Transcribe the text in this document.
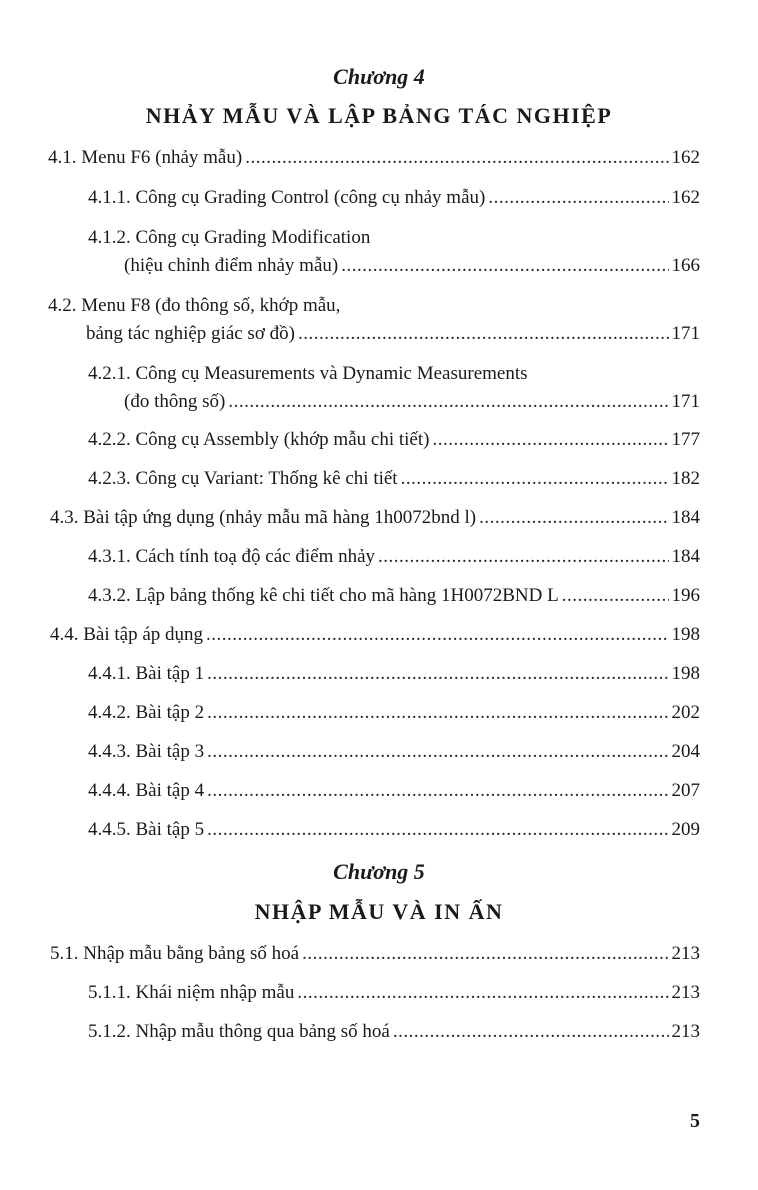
Chương 4
NHẢY MẪU VÀ LẬP BẢNG TÁC NGHIỆP
4.1. Menu F6 (nhảy mẫu) .....	162
4.1.1. Công cụ Grading Control (công cụ nhảy mẫu) .....	162
4.1.2. Công cụ Grading Modification
(hiệu chỉnh điểm nhảy mẫu) .....	166
4.2. Menu F8 (đo thông số, khớp mẫu,
bảng tác nghiệp giác sơ đồ) .....	171
4.2.1. Công cụ Measurements và Dynamic Measurements
(đo thông số) .....	171
4.2.2. Công cụ Assembly (khớp mẫu chi tiết) .....	177
4.2.3. Công cụ Variant: Thống kê chi tiết .....	182
4.3. Bài tập ứng dụng (nhảy mẫu mã hàng 1h0072bnd l) .....	184
4.3.1. Cách tính toạ độ các điểm nhảy .....	184
4.3.2. Lập bảng thống kê chi tiết cho mã hàng 1H0072BND L .....	196
4.4. Bài tập áp dụng .....	198
4.4.1. Bài tập 1 .....	198
4.4.2. Bài tập 2 .....	202
4.4.3. Bài tập 3 .....	204
4.4.4. Bài tập 4 .....	207
4.4.5. Bài tập 5 .....	209
Chương 5
NHẬP MẪU VÀ IN ẤN
5.1. Nhập mẫu bằng bảng số hoá .....	213
5.1.1. Khái niệm nhập mẫu .....	213
5.1.2. Nhập mẫu thông qua bảng số hoá .....	213
5
